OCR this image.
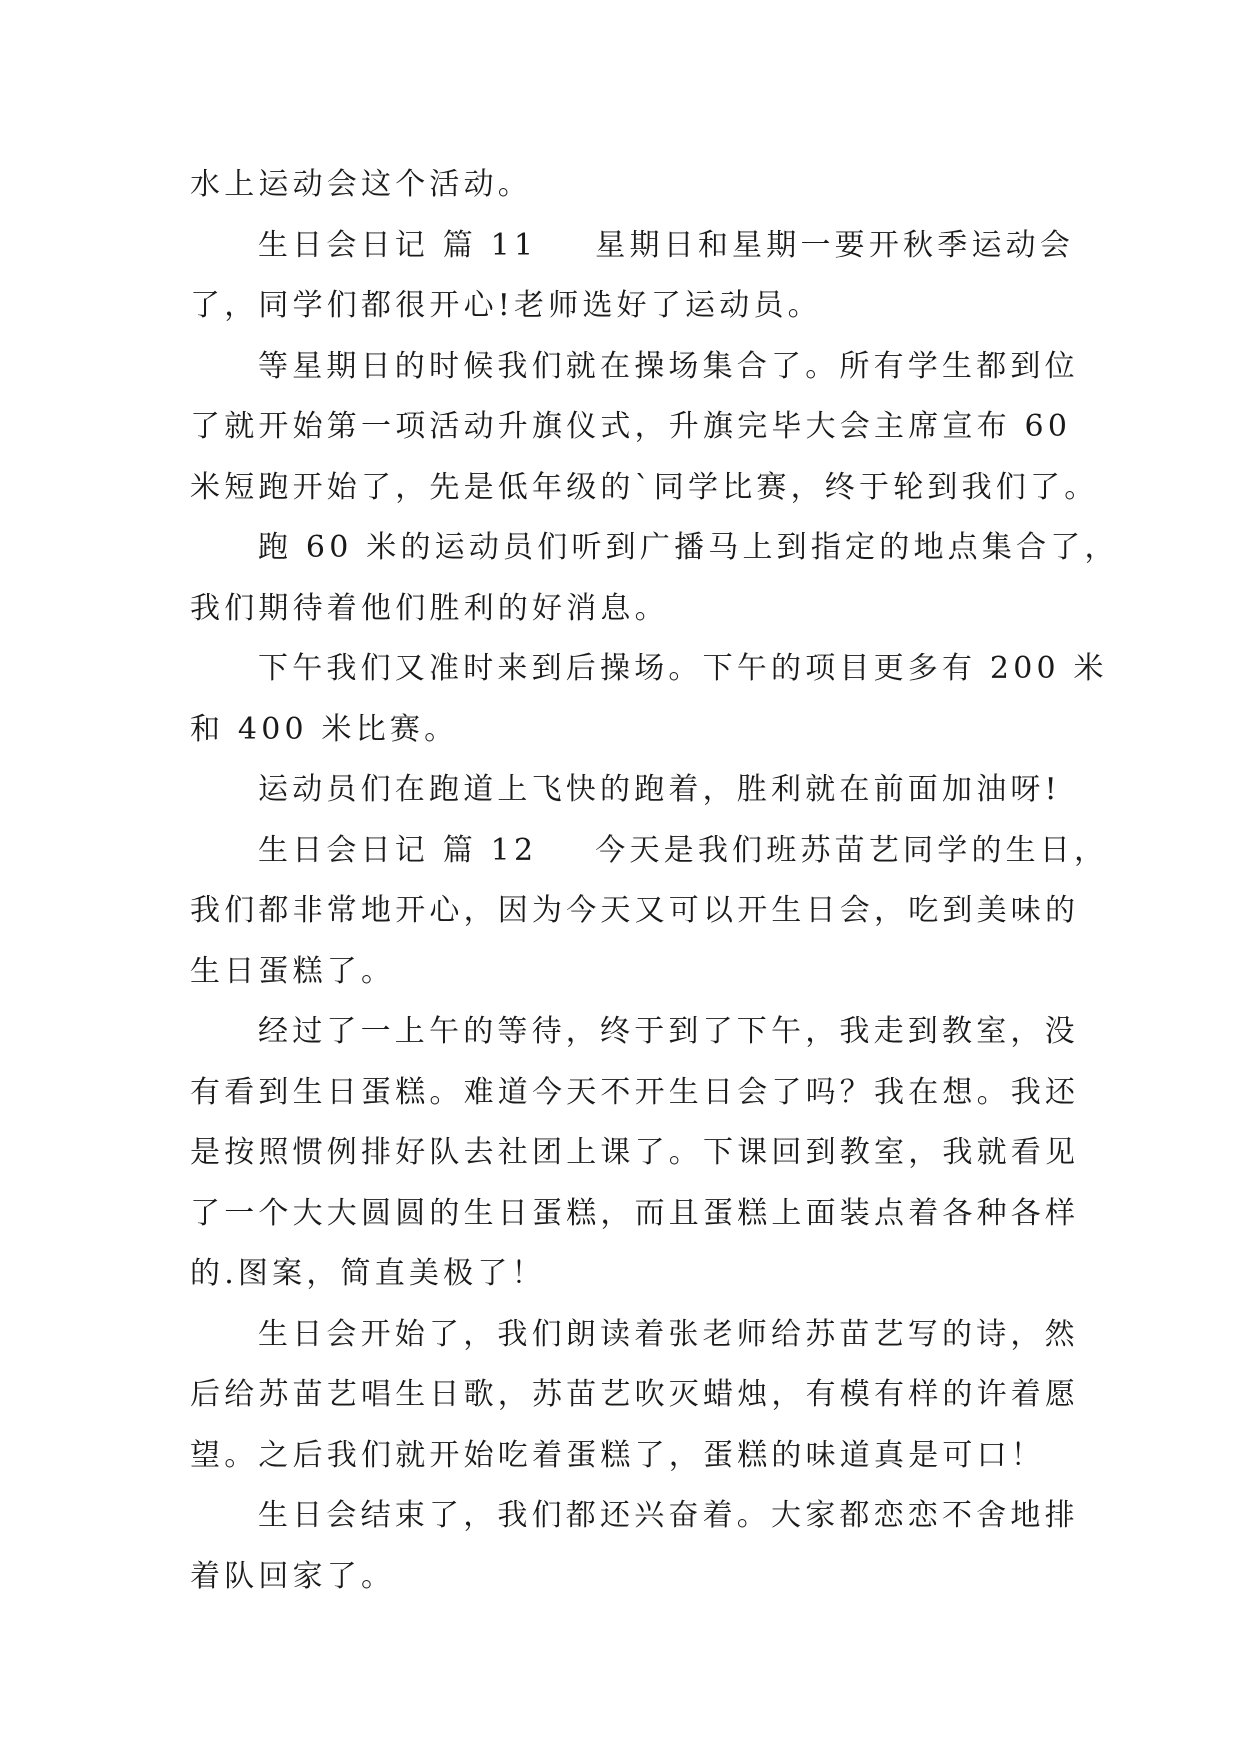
水上运动会这个活动。
生日会日记 篇 11 星期日和星期一要开秋季运动会
了，同学们都很开心!老师选好了运动员。
等星期日的时候我们就在操场集合了。所有学生都到位
了就开始第一项活动升旗仪式，升旗完毕大会主席宣布 60
米短跑开始了，先是低年级的`同学比赛，终于轮到我们了。
跑 60 米的运动员们听到广播马上到指定的地点集合了，
我们期待着他们胜利的好消息。
下午我们又准时来到后操场。下午的项目更多有 200 米
和 400 米比赛。
运动员们在跑道上飞快的跑着，胜利就在前面加油呀!
生日会日记 篇 12 今天是我们班苏苗艺同学的生日，
我们都非常地开心，因为今天又可以开生日会，吃到美味的
生日蛋糕了。
经过了一上午的等待，终于到了下午，我走到教室，没
有看到生日蛋糕。难道今天不开生日会了吗？我在想。我还
是按照惯例排好队去社团上课了。下课回到教室，我就看见
了一个大大圆圆的生日蛋糕，而且蛋糕上面装点着各种各样
的.图案，简直美极了！
生日会开始了，我们朗读着张老师给苏苗艺写的诗，然
后给苏苗艺唱生日歌，苏苗艺吹灭蜡烛，有模有样的许着愿
望。之后我们就开始吃着蛋糕了，蛋糕的味道真是可口！
生日会结束了，我们都还兴奋着。大家都恋恋不舍地排
着队回家了。
